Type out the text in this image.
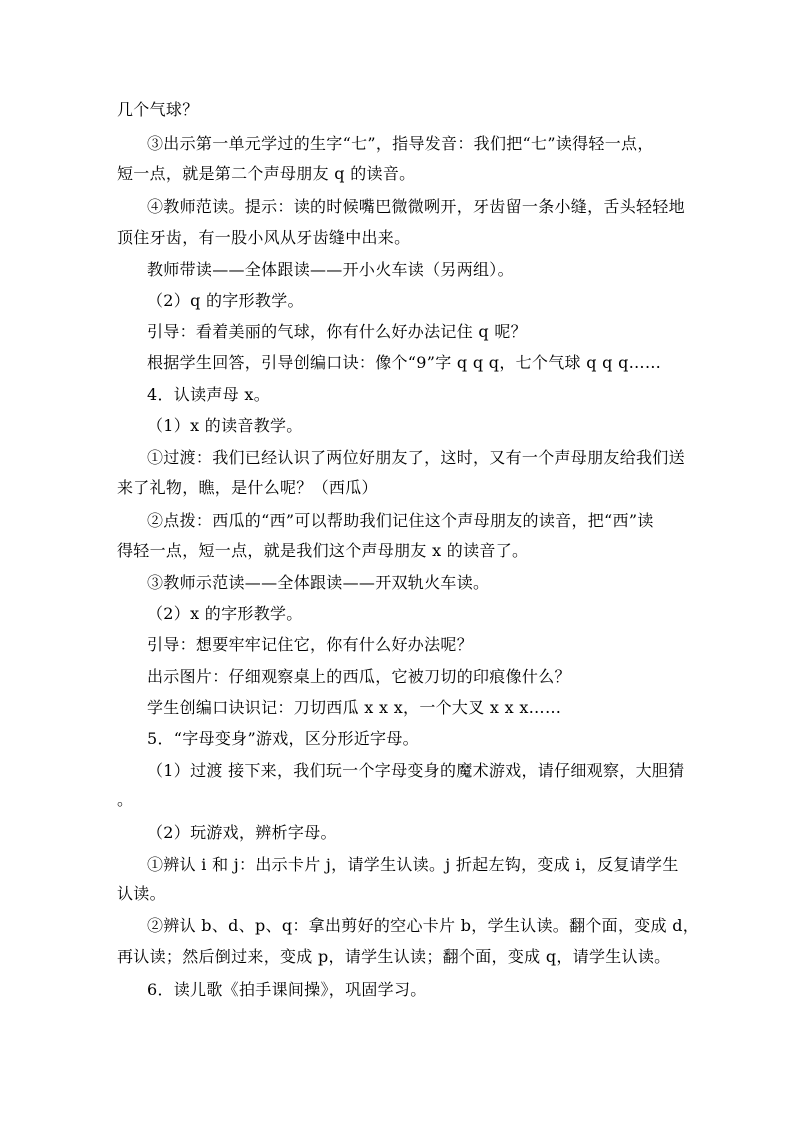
几个气球？
③出示第一单元学过的生字“七”，指导发音：我们把“七”读得轻一点，
短一点，就是第二个声母朋友 q 的读音。
④教师范读。提示：读的时候嘴巴微微咧开，牙齿留一条小缝，舌头轻轻地
顶住牙齿，有一股小风从牙齿缝中出来。
教师带读——全体跟读——开小火车读（另两组）。
（2）q 的字形教学。
引导：看着美丽的气球，你有什么好办法记住 q 呢？
根据学生回答，引导创编口诀：像个“9”字 q q q，七个气球 q q q……
4．认读声母 x。
（1）x 的读音教学。
①过渡：我们已经认识了两位好朋友了，这时，又有一个声母朋友给我们送
来了礼物，瞧，是什么呢？（西瓜）
②点拨：西瓜的“西”可以帮助我们记住这个声母朋友的读音，把“西”读
得轻一点，短一点，就是我们这个声母朋友 x 的读音了。
③教师示范读——全体跟读——开双轨火车读。
（2）x 的字形教学。
引导：想要牢牢记住它，你有什么好办法呢？
出示图片：仔细观察桌上的西瓜，它被刀切的印痕像什么？
学生创编口诀识记：刀切西瓜 x x x，一个大叉 x x x……
5．“字母变身”游戏，区分形近字母。
（1）过渡 接下来，我们玩一个字母变身的魔术游戏，请仔细观察，大胆猜
。
（2）玩游戏，辨析字母。
①辨认 i 和 j：出示卡片 j，请学生认读。j 折起左钩，变成 i，反复请学生
认读。
②辨认 b、d、p、q：拿出剪好的空心卡片 b，学生认读。翻个面，变成 d，
再认读；然后倒过来，变成 p，请学生认读；翻个面，变成 q，请学生认读。
6．读儿歌《拍手课间操》，巩固学习。
